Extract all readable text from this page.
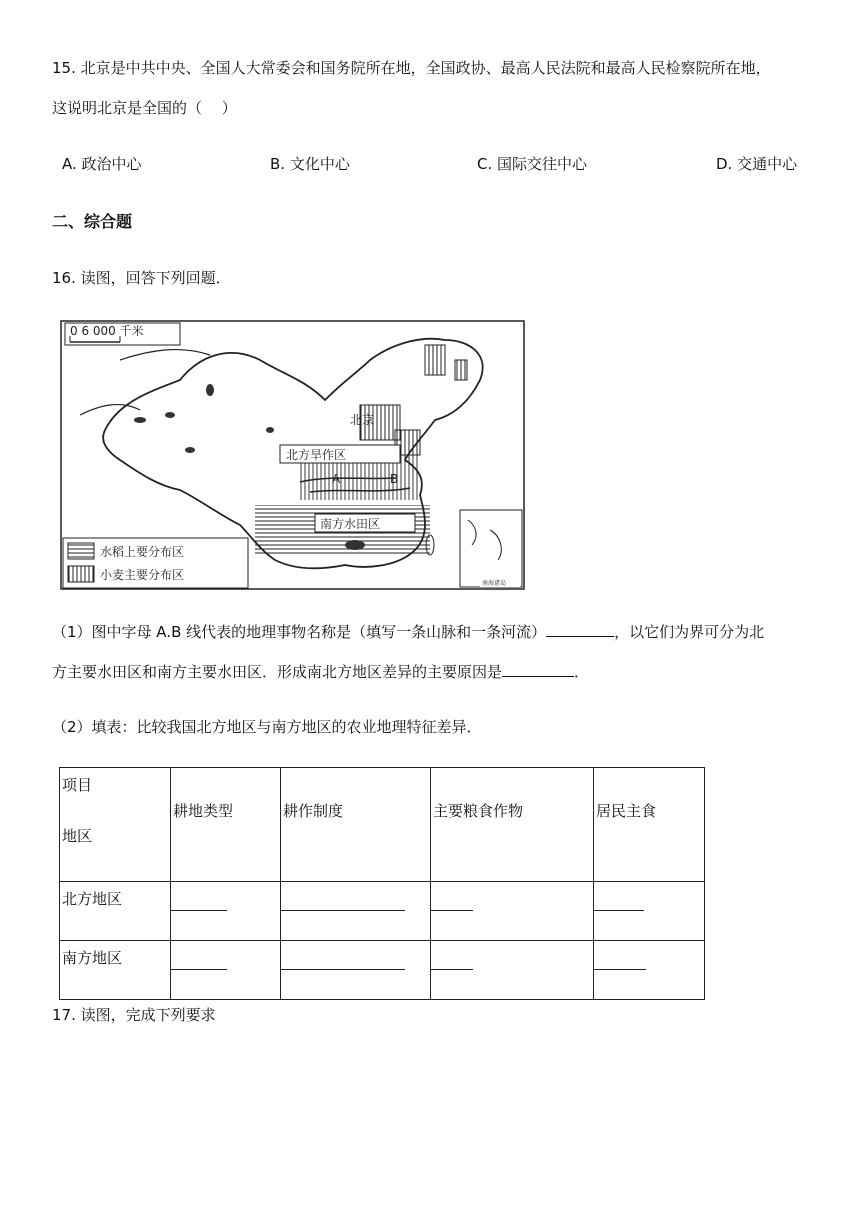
15. 北京是中共中央、全国人大常委会和国务院所在地，全国政协、最高人民法院和最高人民检察院所在地，
这说明北京是全国的（　 ）
A. 政治中心	B. 文化中心	C. 国际交往中心	D. 交通中心
二、综合题
16. 读图，回答下列回题．
北方旱作区
北京
A	B
南方水田区
0 6 000 千米
水稻上要分布区
小麦主要分布区
南海诸岛
（1）图中字母 A.B 线代表的地理事物名称是（填写一条山脉和一条河流）	，以它们为界可分为北
方主要水田区和南方主要水田区．形成南北方地区差异的主要原因是	．
（2）填表：比较我国北方地区与南方地区的农业地理特征差异．
项目
地区	耕地类型	耕作制度	主要粮食作物	居民主食

北方地区				

南方地区				

17. 读图，完成下列要求
